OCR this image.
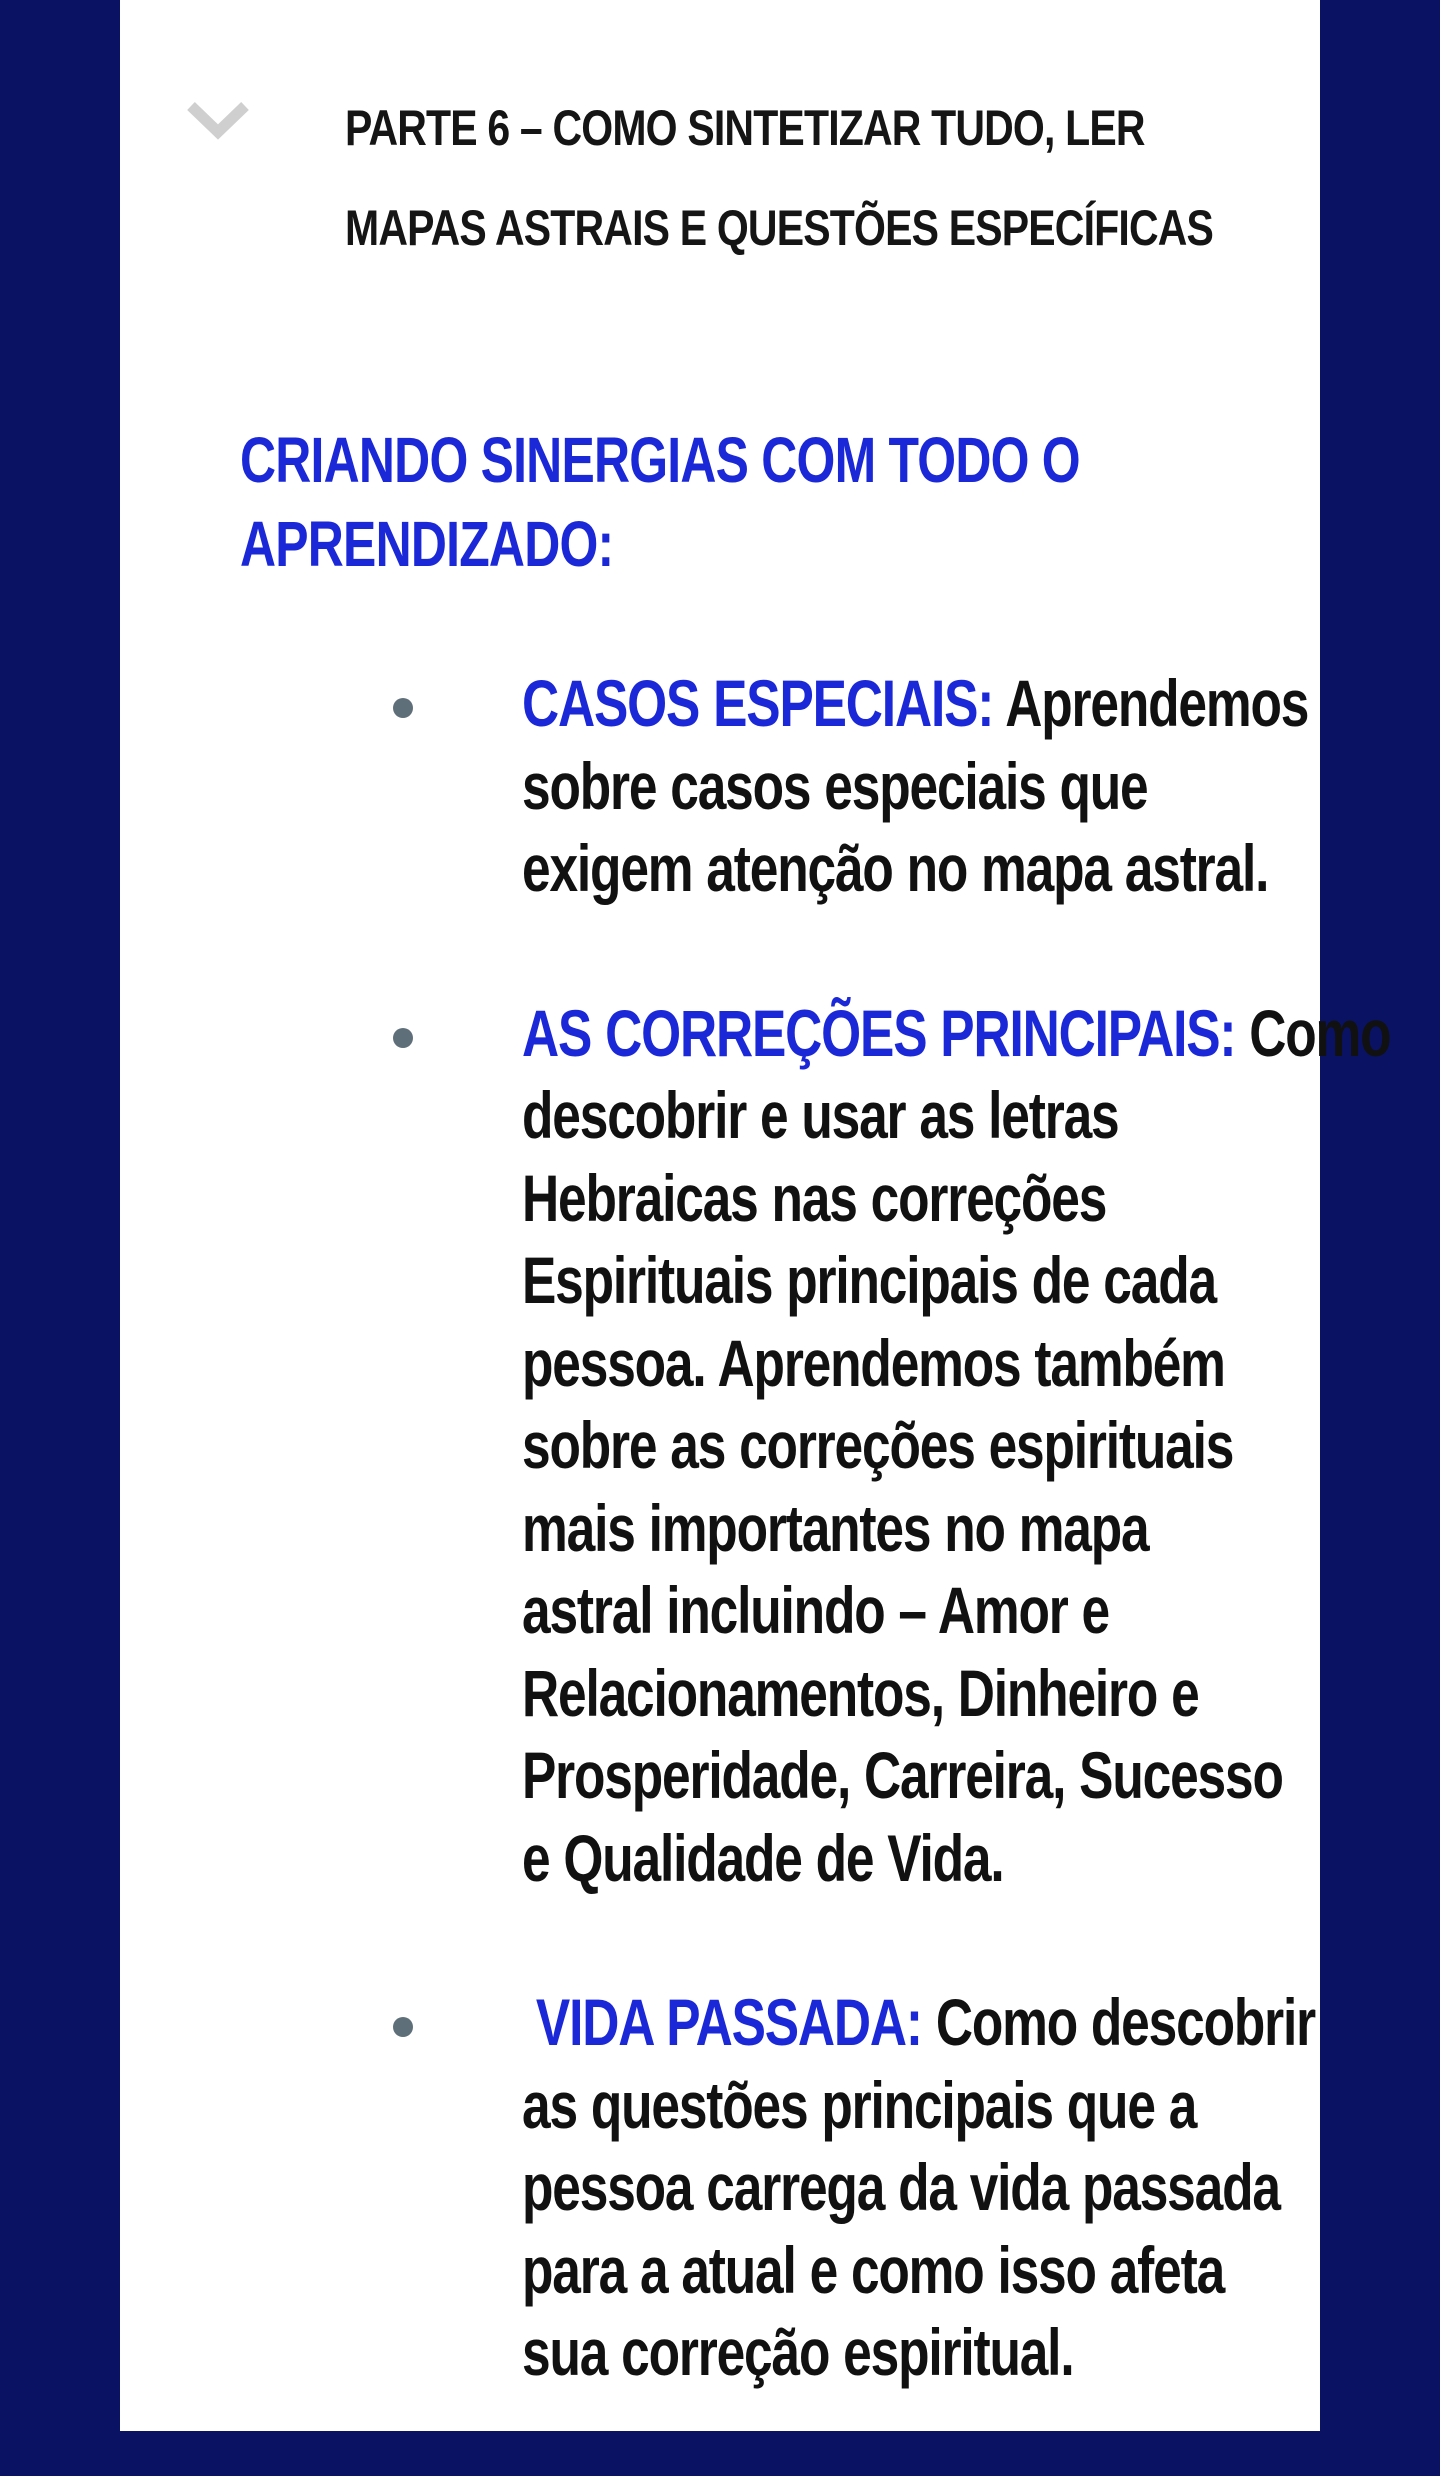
PARTE 6 – COMO SINTETIZAR TUDO, LER
MAPAS ASTRAIS E QUESTÕES ESPECÍFICAS
CRIANDO SINERGIAS COM TODO O
APRENDIZADO:

CASOS ESPECIAIS: Aprendemos
sobre casos especiais que
exigem atenção no mapa astral.

AS CORREÇÕES PRINCIPAIS: Como
descobrir e usar as letras
Hebraicas nas correções
Espirituais principais de cada
pessoa. Aprendemos também
sobre as correções espirituais
mais importantes no mapa
astral incluindo – Amor e
Relacionamentos, Dinheiro e
Prosperidade, Carreira, Sucesso
e Qualidade de Vida.

VIDA PASSADA: Como descobrir
as questões principais que a
pessoa carrega da vida passada
para a atual e como isso afeta
sua correção espiritual.
